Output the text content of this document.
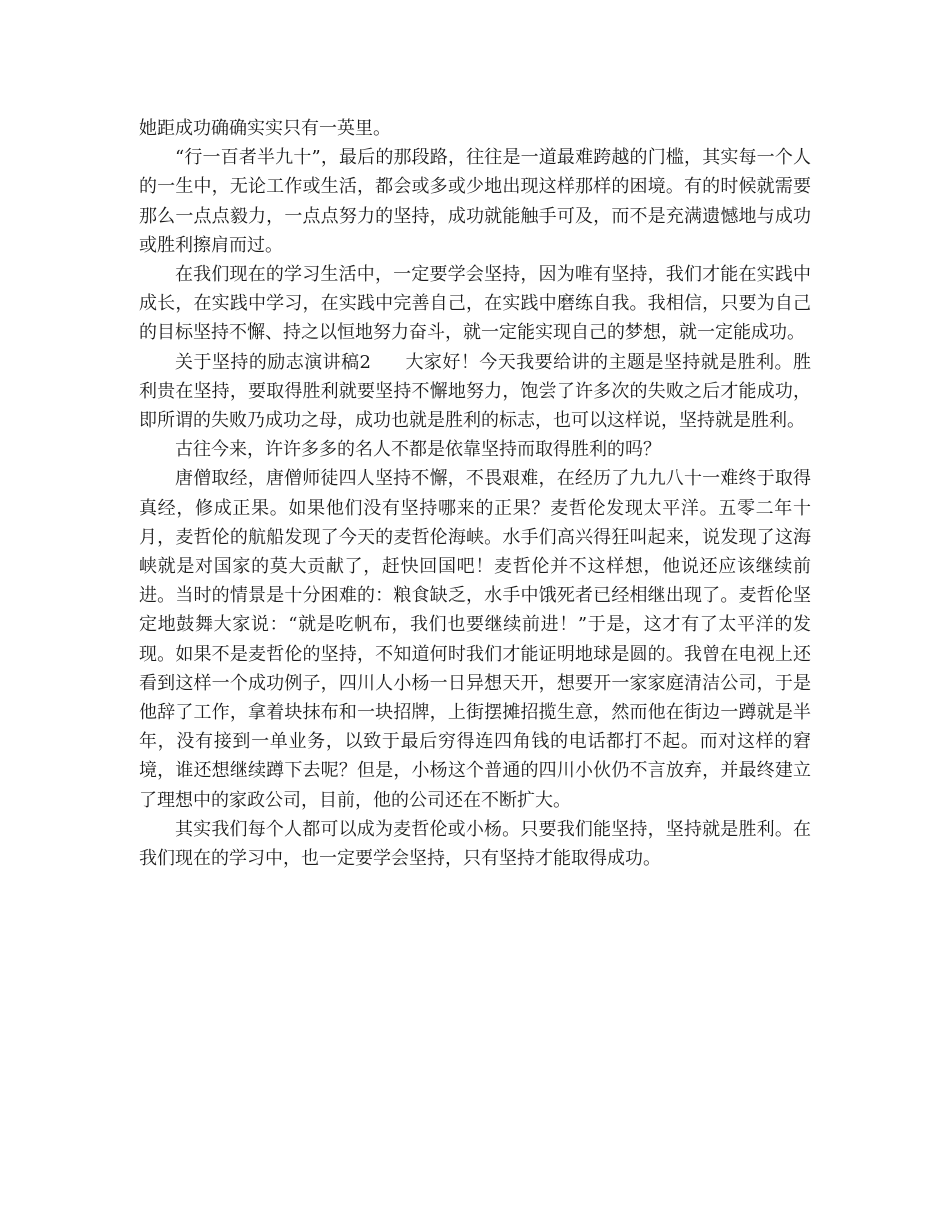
她距成功确确实实只有一英里。

“行一百者半九十”，最后的那段路，往往是一道最难跨越的门槛，其实每一个人的一生中，无论工作或生活，都会或多或少地出现这样那样的困境。有的时候就需要那么一点点毅力，一点点努力的坚持，成功就能触手可及，而不是充满遗憾地与成功或胜利擦肩而过。

在我们现在的学习生活中，一定要学会坚持，因为唯有坚持，我们才能在实践中成长，在实践中学习，在实践中完善自己，在实践中磨练自我。我相信，只要为自己的目标坚持不懈、持之以恒地努力奋斗，就一定能实现自己的梦想，就一定能成功。

关于坚持的励志演讲稿2 大家好！今天我要给讲的主题是坚持就是胜利。胜利贵在坚持，要取得胜利就要坚持不懈地努力，饱尝了许多次的失败之后才能成功，即所谓的失败乃成功之母，成功也就是胜利的标志，也可以这样说，坚持就是胜利。

古往今来，许许多多的名人不都是依靠坚持而取得胜利的吗？

唐僧取经，唐僧师徒四人坚持不懈，不畏艰难，在经历了九九八十一难终于取得真经，修成正果。如果他们没有坚持哪来的正果？麦哲伦发现太平洋。五零二年十月，麦哲伦的航船发现了今天的麦哲伦海峡。水手们高兴得狂叫起来，说发现了这海峡就是对国家的莫大贡献了，赶快回国吧！麦哲伦并不这样想，他说还应该继续前进。当时的情景是十分困难的：粮食缺乏，水手中饿死者已经相继出现了。麦哲伦坚定地鼓舞大家说：“就是吃帆布，我们也要继续前进！”于是，这才有了太平洋的发现。如果不是麦哲伦的坚持，不知道何时我们才能证明地球是圆的。我曾在电视上还看到这样一个成功例子，四川人小杨一日异想天开，想要开一家家庭清洁公司，于是他辞了工作，拿着块抹布和一块招牌，上街摆摊招揽生意，然而他在街边一蹲就是半年，没有接到一单业务，以致于最后穷得连四角钱的电话都打不起。而对这样的窘境，谁还想继续蹲下去呢？但是，小杨这个普通的四川小伙仍不言放弃，并最终建立了理想中的家政公司，目前，他的公司还在不断扩大。

其实我们每个人都可以成为麦哲伦或小杨。只要我们能坚持，坚持就是胜利。在我们现在的学习中，也一定要学会坚持，只有坚持才能取得成功。
